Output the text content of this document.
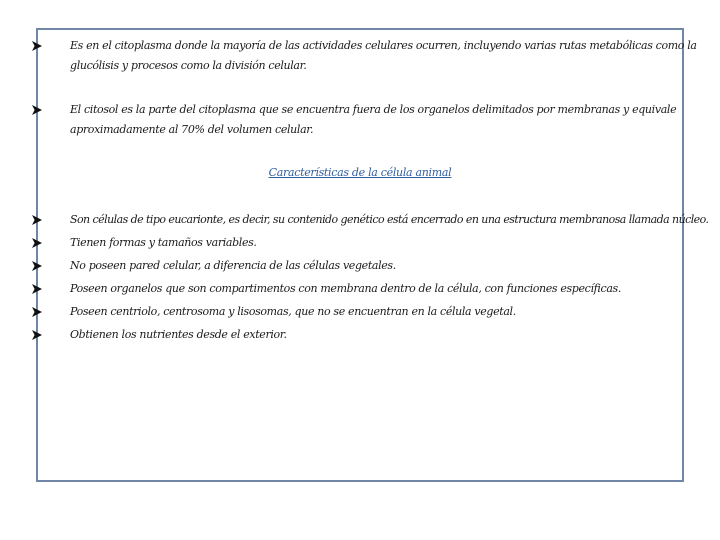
Es en el citoplasma donde la mayoría de las actividades celulares ocurren, incluyendo varias rutas metabólicas como la glucólisis y procesos como la división celular.
El citosol es la parte del citoplasma que se encuentra fuera de los organelos delimitados por membranas y equivale aproximadamente al 70% del volumen celular.
Características de la célula animal
Son células de tipo eucarionte, es decir, su contenido genético está encerrado en una estructura membranosa llamada núcleo.
Tienen formas y tamaños variables.
No poseen pared celular, a diferencia de las células vegetales.
Poseen organelos que son compartimentos con membrana dentro de la célula, con funciones específicas.
Poseen centriolo, centrosoma y lisosomas, que no se encuentran en la célula vegetal.
Obtienen los nutrientes desde el exterior.
